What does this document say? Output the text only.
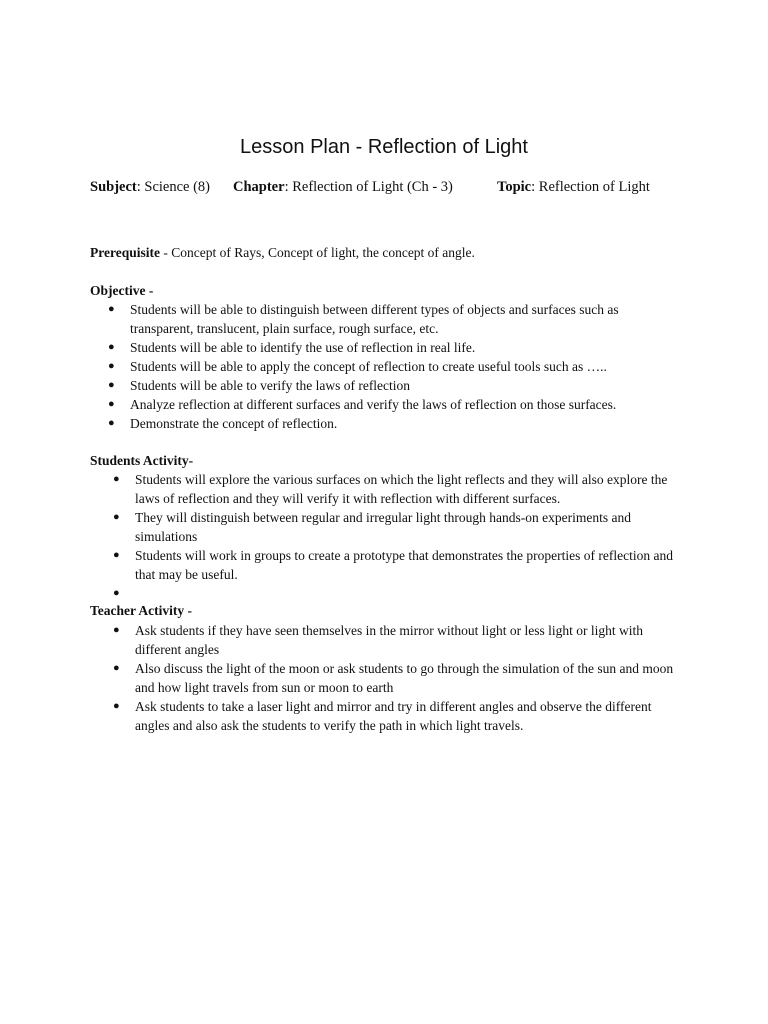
Lesson Plan - Reflection of Light
Subject: Science (8) Chapter: Reflection of Light (Ch - 3)	Topic: Reflection of Light
Prerequisite - Concept of Rays, Concept of light, the concept of angle.
Objective -
● Students will be able to distinguish between different types of objects and surfaces such as transparent, translucent, plain surface, rough surface, etc.
● Students will be able to identify the use of reflection in real life.
● Students will be able to apply the concept of reflection to create useful tools such as …..
● Students will be able to verify the laws of reflection
● Analyze reflection at different surfaces and verify the laws of reflection on those surfaces.
● Demonstrate the concept of reflection.
Students Activity-
● Students will explore the various surfaces on which the light reflects and they will also explore the laws of reflection and they will verify it with reflection with different surfaces.
● They will distinguish between regular and irregular light through hands-on experiments and simulations
● Students will work in groups to create a prototype that demonstrates the properties of reflection and that may be useful.
●
Teacher Activity -
● Ask students if they have seen themselves in the mirror without light or less light or light with different angles
● Also discuss the light of the moon or ask students to go through the simulation of the sun and moon and how light travels from sun or moon to earth
● Ask students to take a laser light and mirror and try in different angles and observe the different angles and also ask the students to verify the path in which light travels.
